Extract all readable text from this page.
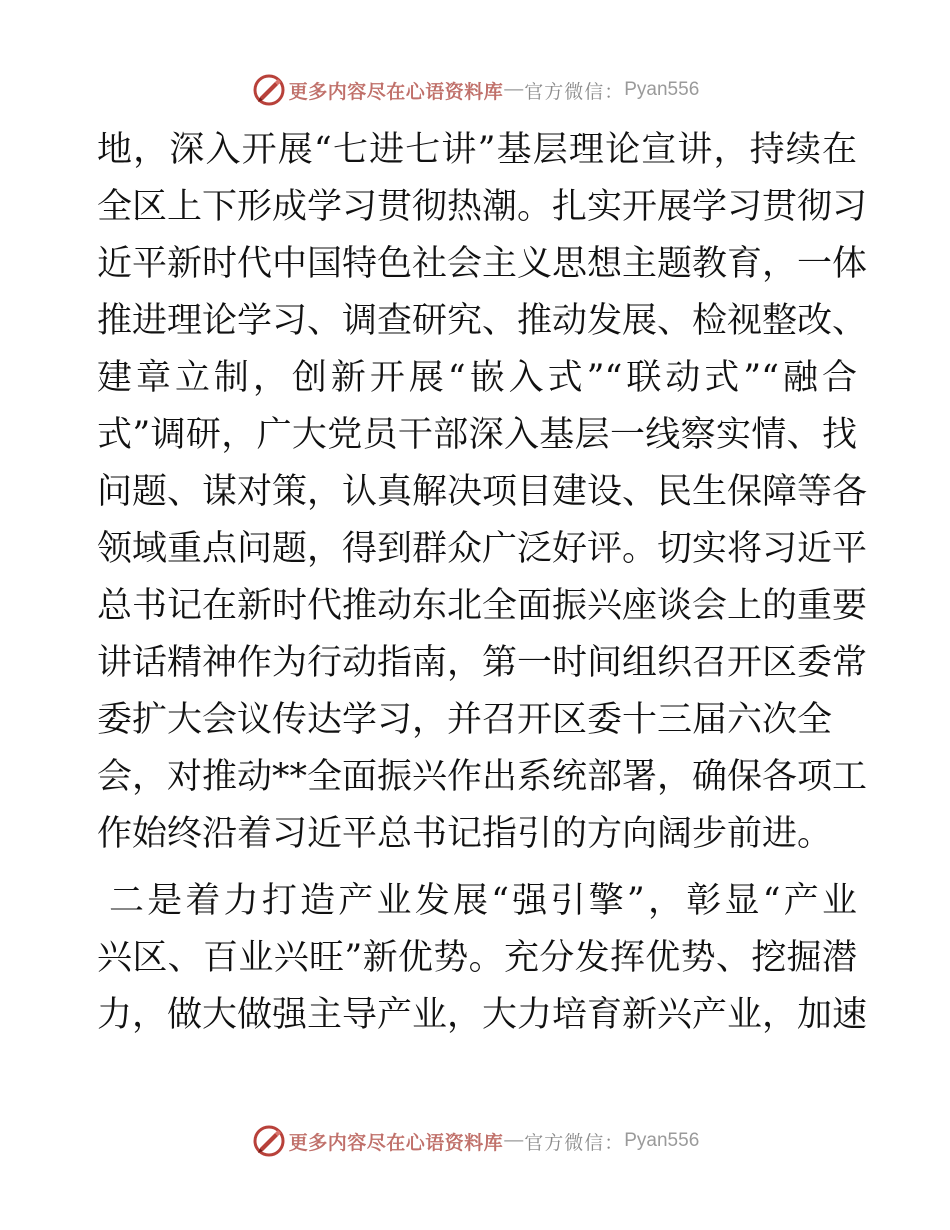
更多内容尽在心语资料库 — 官方微信： Pyan556
地，深入开展“七进七讲”基层理论宣讲，持续在
全区上下形成学习贯彻热潮。扎实开展学习贯彻习
近平新时代中国特色社会主义思想主题教育，一体
推进理论学习、调查研究、推动发展、检视整改、
建章立制，创新开展“嵌入式”“联动式”“融合
式”调研，广大党员干部深入基层一线察实情、找
问题、谋对策，认真解决项目建设、民生保障等各
领域重点问题，得到群众广泛好评。切实将习近平
总书记在新时代推动东北全面振兴座谈会上的重要
讲话精神作为行动指南，第一时间组织召开区委常
委扩大会议传达学习，并召开区委十三届六次全
会，对推动**全面振兴作出系统部署，确保各项工
作始终沿着习近平总书记指引的方向阔步前进。
二是着力打造产业发展“强引擎”，彰显“产业
兴区、百业兴旺”新优势。充分发挥优势、挖掘潜
力，做大做强主导产业，大力培育新兴产业，加速
更多内容尽在心语资料库 — 官方微信： Pyan556
